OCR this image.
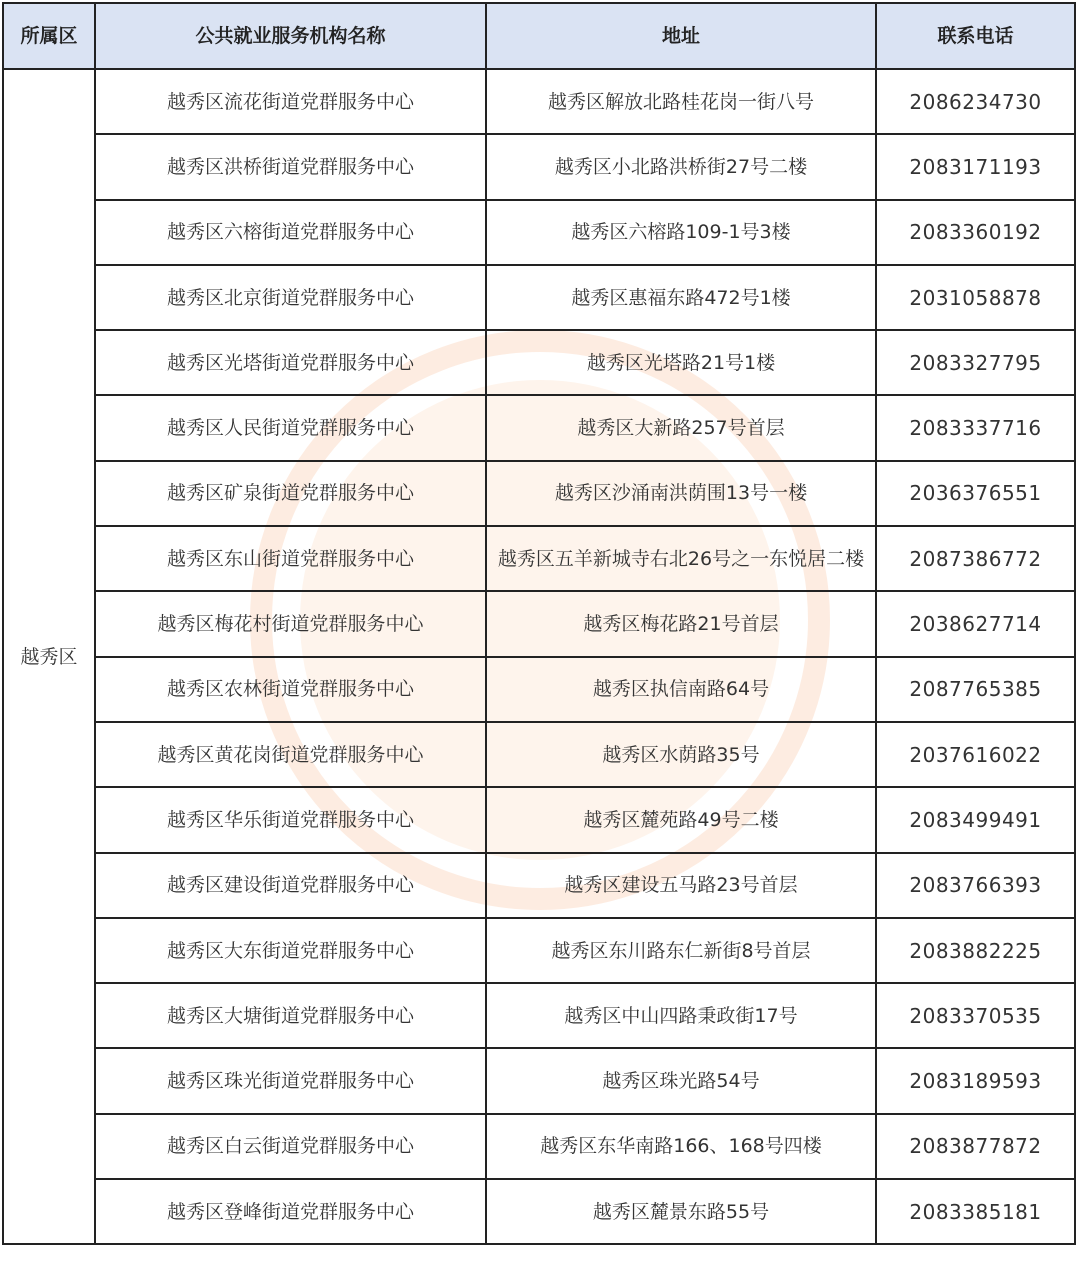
所属区	公共就业服务机构名称	地址	联系电话
越秀区	越秀区流花街道党群服务中心	越秀区解放北路桂花岗一街八号	2086234730
	越秀区洪桥街道党群服务中心	越秀区小北路洪桥街27号二楼	2083171193
	越秀区六榕街道党群服务中心	越秀区六榕路109-1号3楼	2083360192
	越秀区北京街道党群服务中心	越秀区惠福东路472号1楼	2031058878
	越秀区光塔街道党群服务中心	越秀区光塔路21号1楼	2083327795
	越秀区人民街道党群服务中心	越秀区大新路257号首层	2083337716
	越秀区矿泉街道党群服务中心	越秀区沙涌南洪荫围13号一楼	2036376551
	越秀区东山街道党群服务中心	越秀区五羊新城寺右北26号之一东悦居二楼	2087386772
	越秀区梅花村街道党群服务中心	越秀区梅花路21号首层	2038627714
	越秀区农林街道党群服务中心	越秀区执信南路64号	2087765385
	越秀区黄花岗街道党群服务中心	越秀区水荫路35号	2037616022
	越秀区华乐街道党群服务中心	越秀区麓苑路49号二楼	2083499491
	越秀区建设街道党群服务中心	越秀区建设五马路23号首层	2083766393
	越秀区大东街道党群服务中心	越秀区东川路东仁新街8号首层	2083882225
	越秀区大塘街道党群服务中心	越秀区中山四路秉政街17号	2083370535
	越秀区珠光街道党群服务中心	越秀区珠光路54号	2083189593
	越秀区白云街道党群服务中心	越秀区东华南路166、168号四楼	2083877872
	越秀区登峰街道党群服务中心	越秀区麓景东路55号	2083385181
